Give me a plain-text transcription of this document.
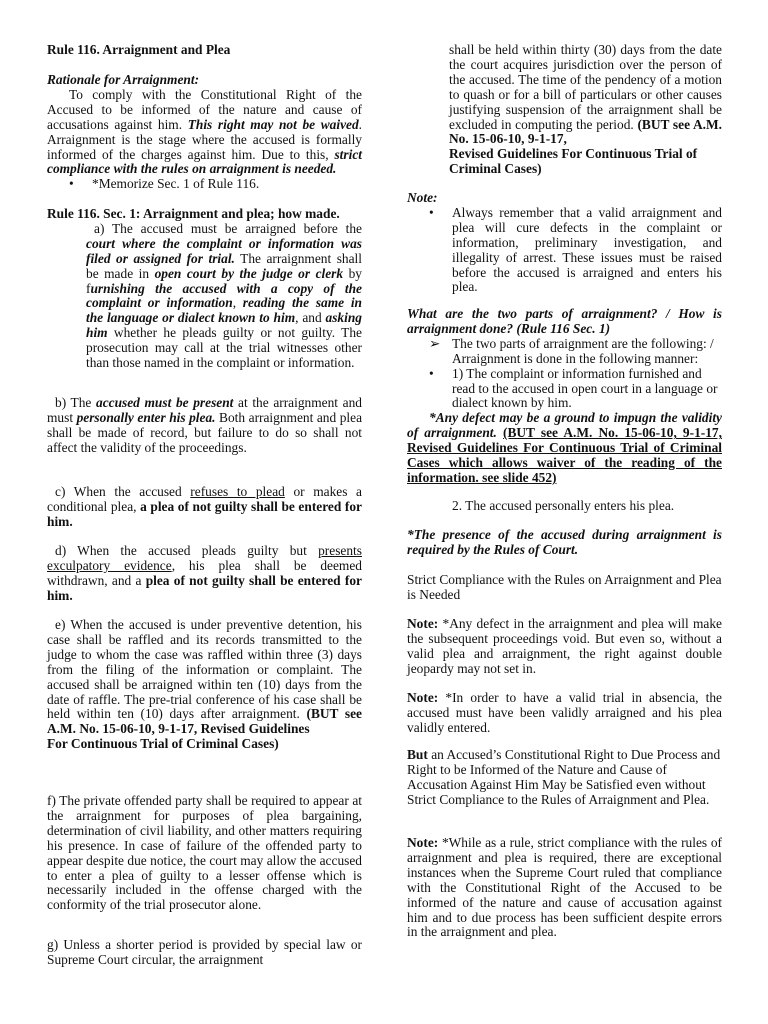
Rule 116. Arraignment and Plea

Rationale for Arraignment:

To comply with the Constitutional Right of the Accused to be informed of the nature and cause of accusations against him. This right may not be waived. Arraignment is the stage where the accused is formally informed of the charges against him. Due to this, strict compliance with the rules on arraignment is needed.

• *Memorize Sec. 1 of Rule 116.

Rule 116. Sec. 1: Arraignment and plea; how made.

a) The accused must be arraigned before the court where the complaint or information was filed or assigned for trial. The arraignment shall be made in open court by the judge or clerk by furnishing the accused with a copy of the complaint or information, reading the same in the language or dialect known to him, and asking him whether he pleads guilty or not guilty. The prosecution may call at the trial witnesses other than those named in the complaint or information.

b) The accused must be present at the arraignment and must personally enter his plea. Both arraignment and plea shall be made of record, but failure to do so shall not affect the validity of the proceedings.

c) When the accused refuses to plead or makes a conditional plea, a plea of not guilty shall be entered for him.

d) When the accused pleads guilty but presents exculpatory evidence, his plea shall be deemed withdrawn, and a plea of not guilty shall be entered for him.

e) When the accused is under preventive detention, his case shall be raffled and its records transmitted to the judge to whom the case was raffled within three (3) days from the filing of the information or complaint. The accused shall be arraigned within ten (10) days from the date of raffle. The pre-trial conference of his case shall be held within ten (10) days after arraignment. (BUT see A.M. No. 15-06-10, 9-1-17, Revised Guidelines

For Continuous Trial of Criminal Cases)

f) The private offended party shall be required to appear at the arraignment for purposes of plea bargaining, determination of civil liability, and other matters requiring his presence. In case of failure of the offended party to appear despite due notice, the court may allow the accused to enter a plea of guilty to a lesser offense which is necessarily included in the offense charged with the conformity of the trial prosecutor alone.

g) Unless a shorter period is provided by special law or Supreme Court circular, the arraignment

shall be held within thirty (30) days from the date the court acquires jurisdiction over the person of the accused. The time of the pendency of a motion to quash or for a bill of particulars or other causes justifying suspension of the arraignment shall be excluded in computing the period. (BUT see A.M. No. 15-06-10, 9-1-17,

Revised Guidelines For Continuous Trial of Criminal Cases)

Note:

• Always remember that a valid arraignment and plea will cure defects in the complaint or information, preliminary investigation, and illegality of arrest. These issues must be raised before the accused is arraigned and enters his plea.

What are the two parts of arraignment? / How is arraignment done? (Rule 116 Sec. 1)

➢ The two parts of arraignment are the following: / Arraignment is done in the following manner:

• 1) The complaint or information furnished and read to the accused in open court in a language or dialect known by him.

*Any defect may be a ground to impugn the validity of arraignment. (BUT see A.M. No. 15-06-10, 9-1-17, Revised Guidelines For Continuous Trial of Criminal Cases which allows waiver of the reading of the information. see slide 452)

2. The accused personally enters his plea.

*The presence of the accused during arraignment is required by the Rules of Court.

Strict Compliance with the Rules on Arraignment and Plea is Needed

Note: *Any defect in the arraignment and plea will make the subsequent proceedings void. But even so, without a valid plea and arraignment, the right against double jeopardy may not set in.

Note: *In order to have a valid trial in absencia, the accused must have been validly arraigned and his plea validly entered.

But an Accused’s Constitutional Right to Due Process and Right to be Informed of the Nature and Cause of Accusation Against Him May be Satisfied even without Strict Compliance to the Rules of Arraignment and Plea.

Note: *While as a rule, strict compliance with the rules of arraignment and plea is required, there are exceptional instances when the Supreme Court ruled that compliance with the Constitutional Right of the Accused to be informed of the nature and cause of accusation against him and to due process has been sufficient despite errors in the arraignment and plea.
